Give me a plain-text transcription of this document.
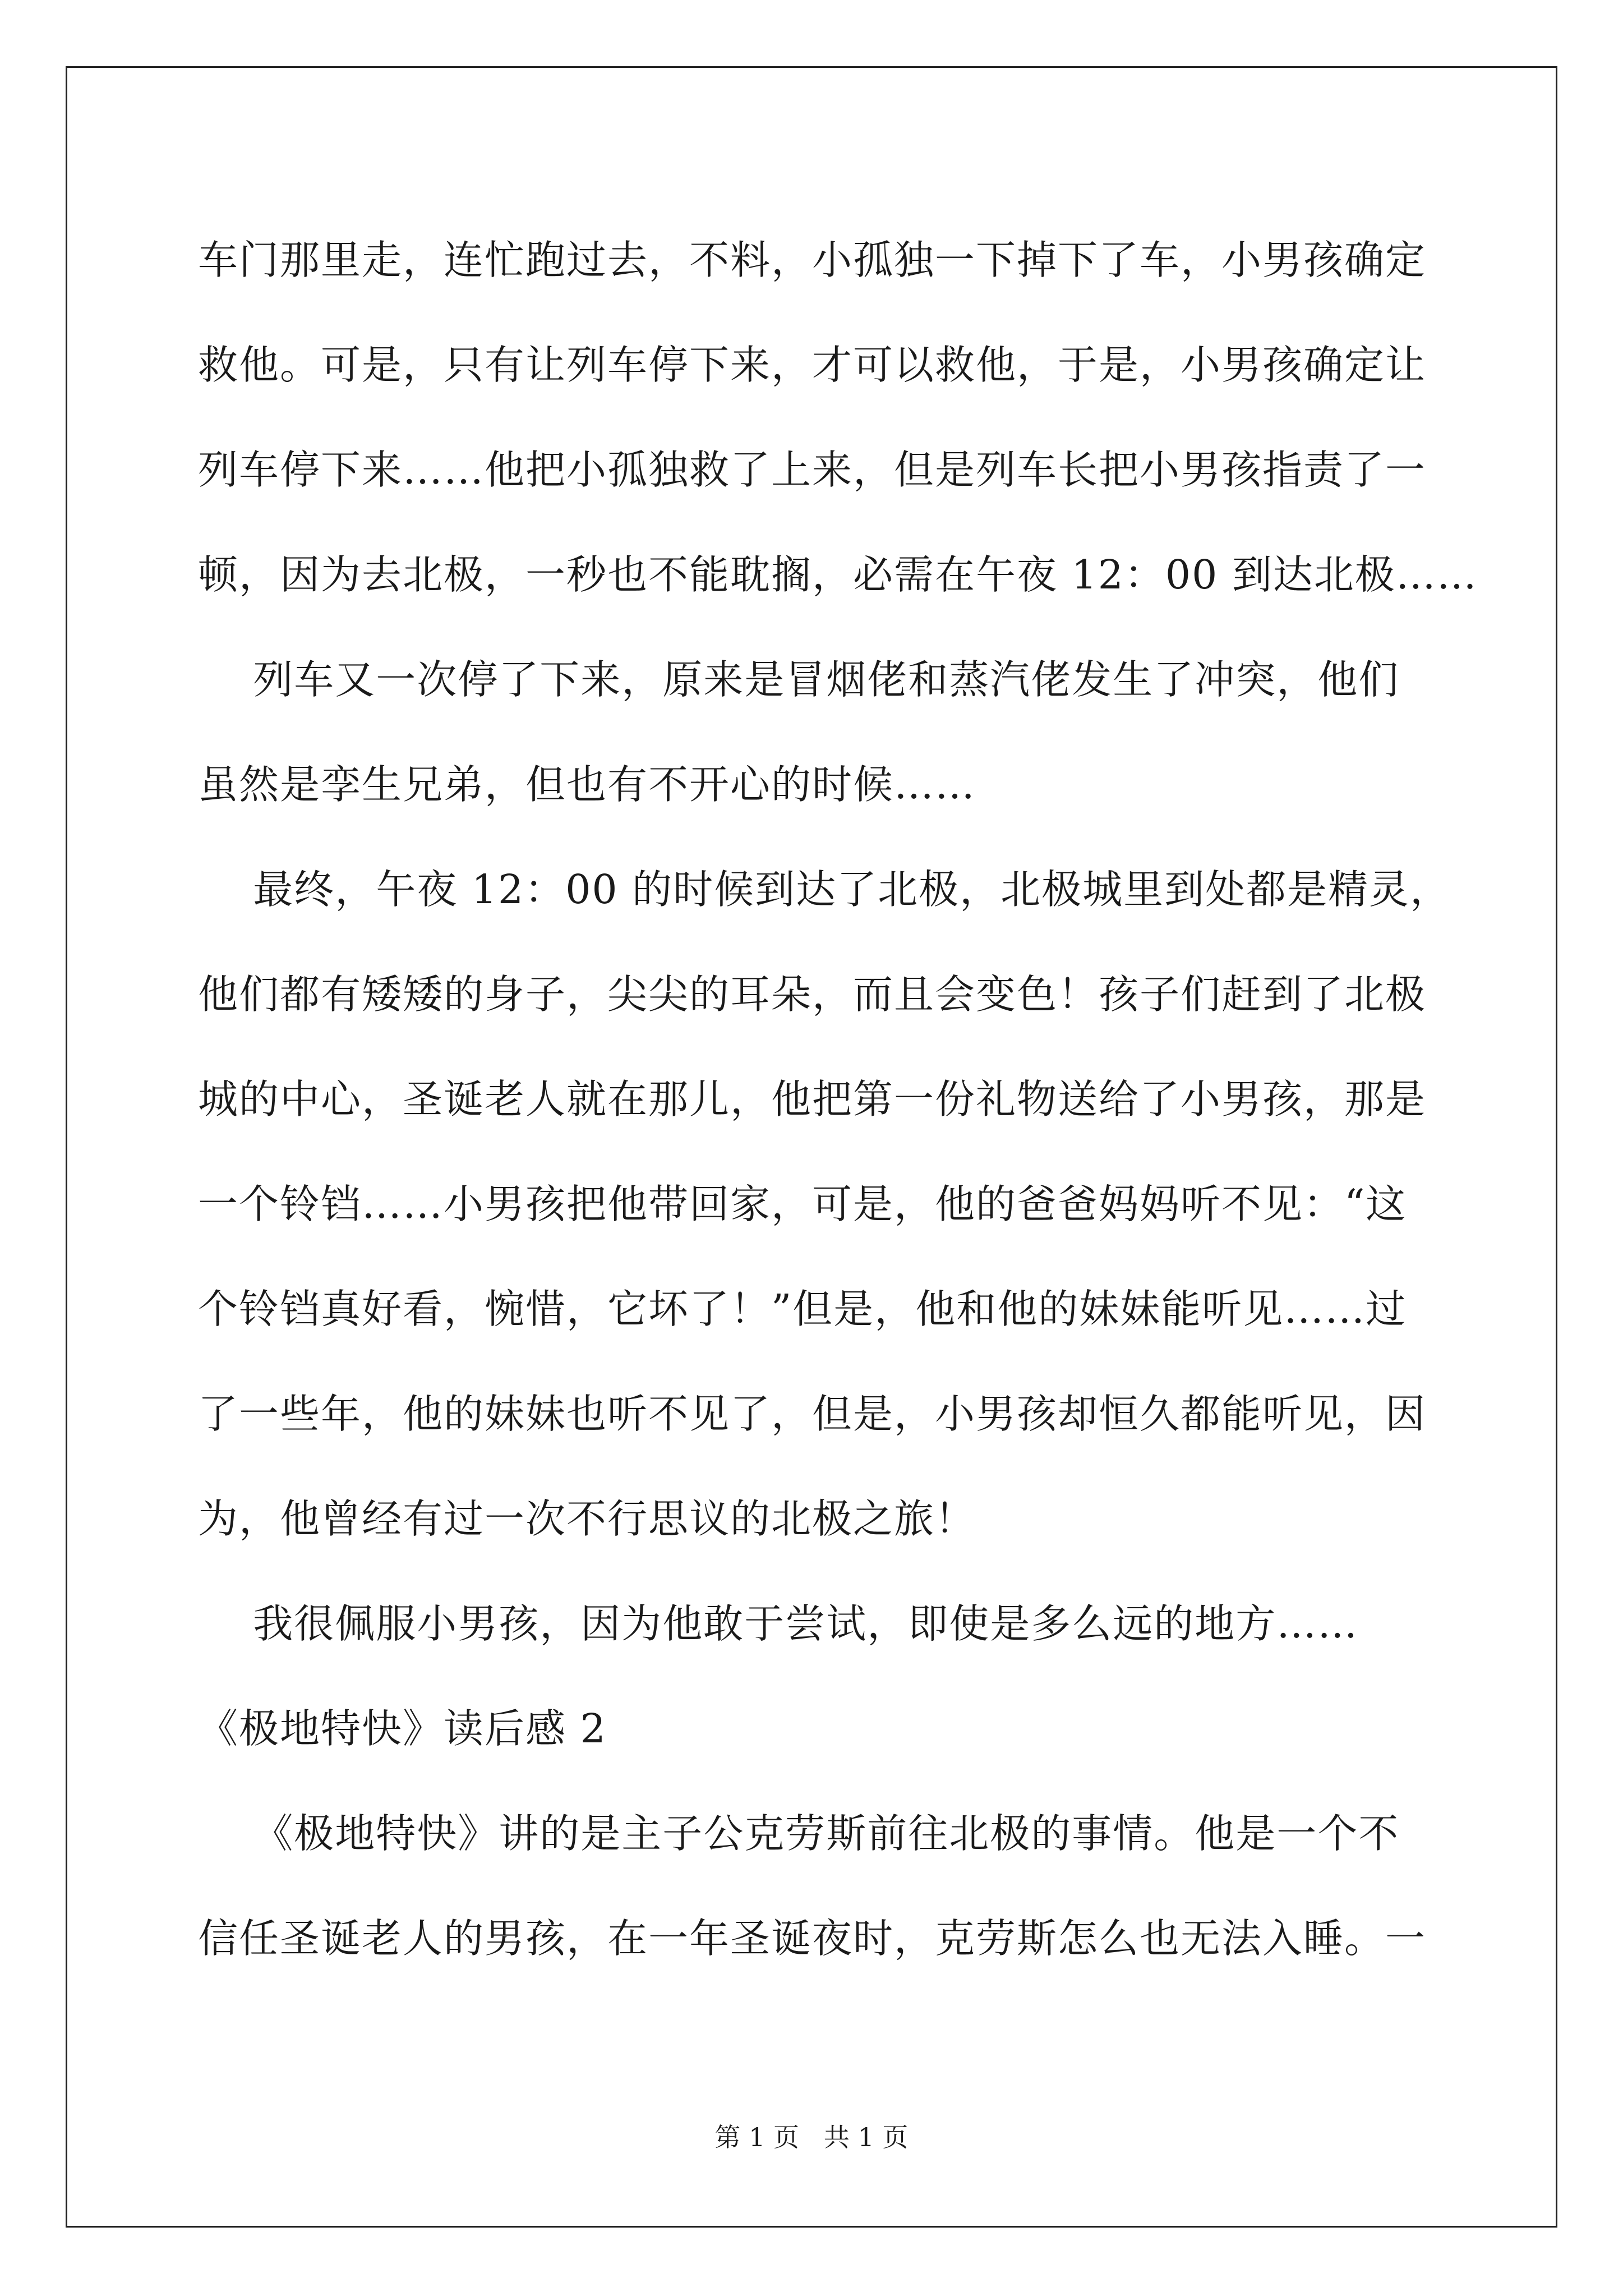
车门那里走，连忙跑过去，不料，小孤独一下掉下了车，小男孩确定

救他。可是，只有让列车停下来，才可以救他，于是，小男孩确定让

列车停下来……他把小孤独救了上来，但是列车长把小男孩指责了一

顿，因为去北极，一秒也不能耽搁，必需在午夜 12：00 到达北极……

列车又一次停了下来，原来是冒烟佬和蒸汽佬发生了冲突，他们

虽然是孪生兄弟，但也有不开心的时候……

最终，午夜 12：00 的时候到达了北极，北极城里到处都是精灵，

他们都有矮矮的身子，尖尖的耳朵，而且会变色！孩子们赶到了北极

城的中心，圣诞老人就在那儿，他把第一份礼物送给了小男孩，那是

一个铃铛……小男孩把他带回家，可是，他的爸爸妈妈听不见：“这

个铃铛真好看，惋惜，它坏了！”但是，他和他的妹妹能听见……过

了一些年，他的妹妹也听不见了，但是，小男孩却恒久都能听见，因

为，他曾经有过一次不行思议的北极之旅！

我很佩服小男孩，因为他敢于尝试，即使是多么远的地方……

《极地特快》读后感 2

《极地特快》讲的是主子公克劳斯前往北极的事情。他是一个不

信任圣诞老人的男孩，在一年圣诞夜时，克劳斯怎么也无法入睡。一

第 1 页   共 1 页
